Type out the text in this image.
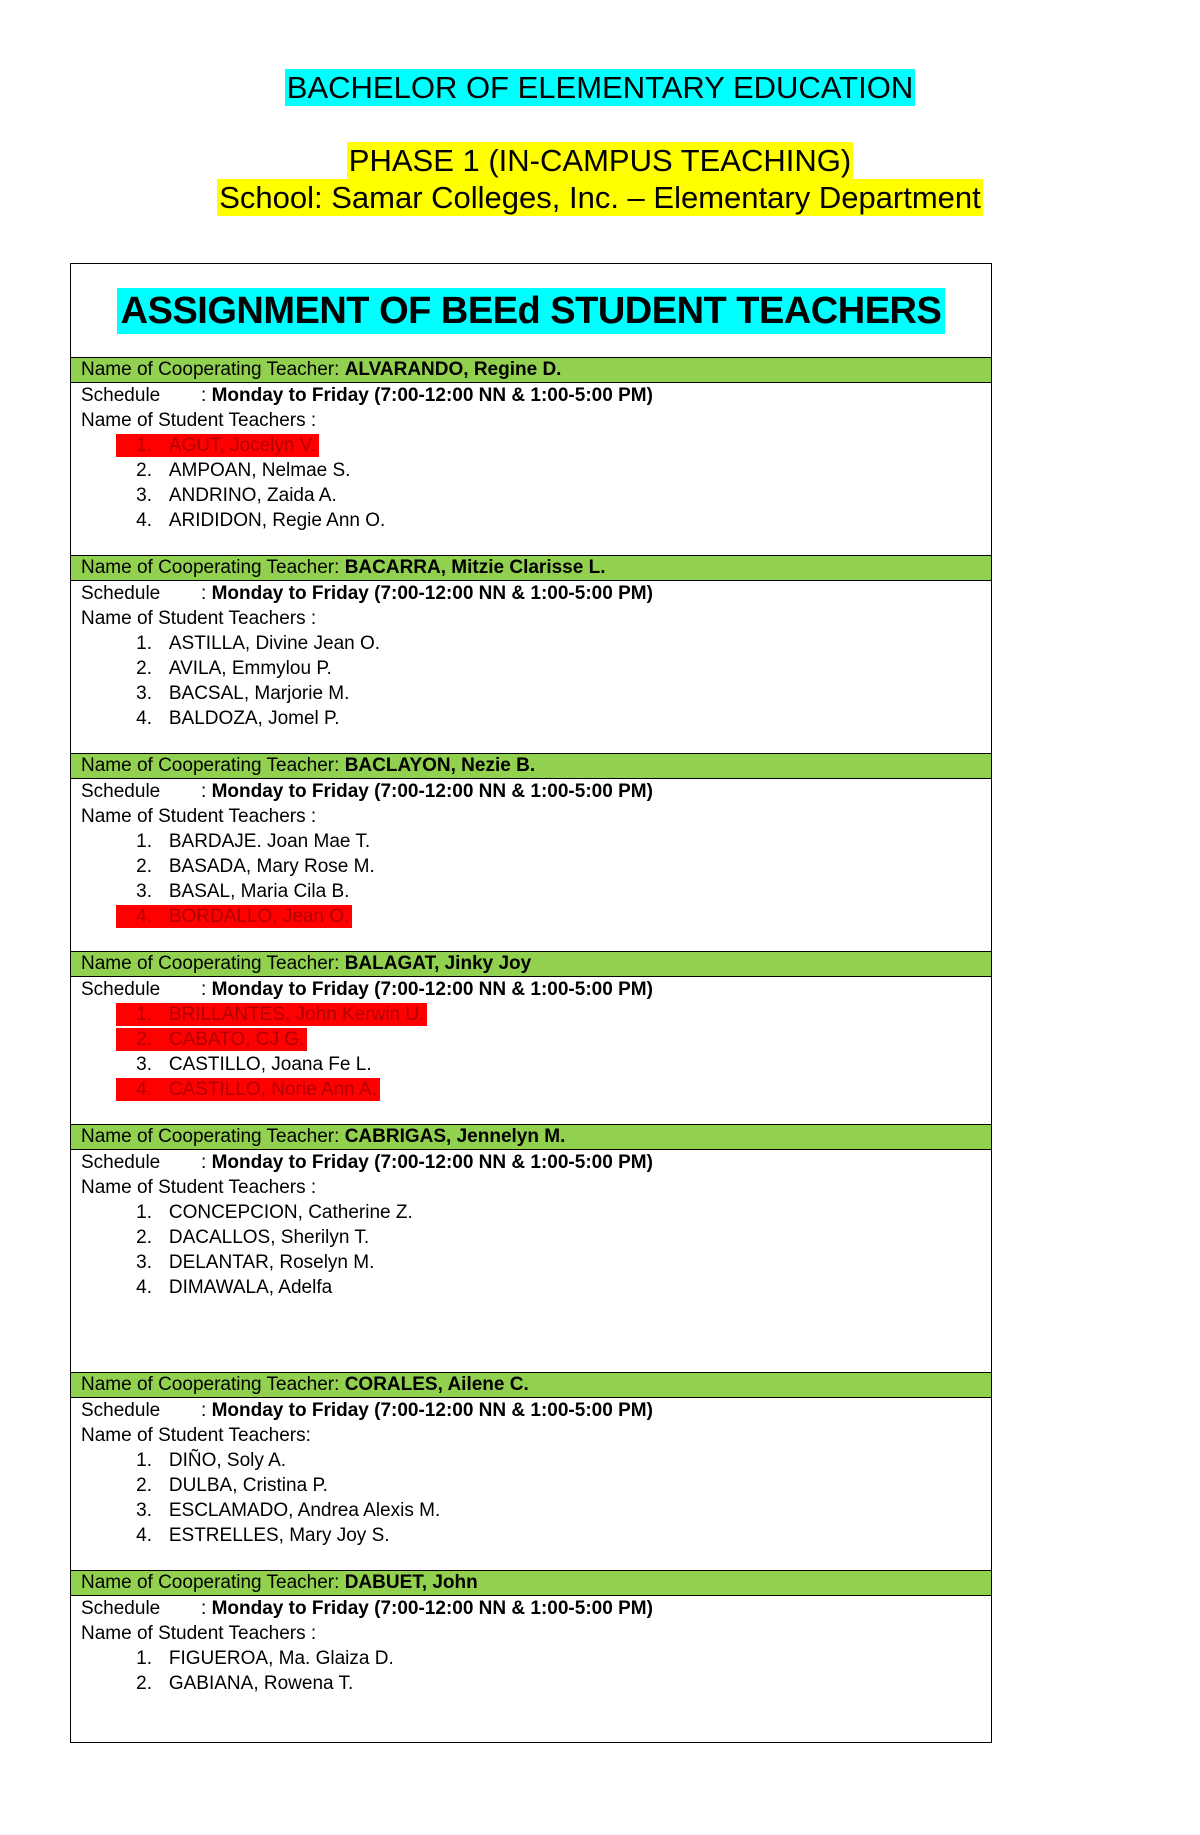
BACHELOR OF ELEMENTARY EDUCATION
PHASE 1 (IN-CAMPUS TEACHING)
School: Samar Colleges, Inc. – Elementary Department
ASSIGNMENT OF BEEd STUDENT TEACHERS
Name of Cooperating Teacher: ALVARANDO, Regine D.
Schedule : Monday to Friday (7:00-12:00 NN & 1:00-5:00 PM)
Name of Student Teachers :
1. AGUT, Jocelyn V.
2. AMPOAN, Nelmae S.
3. ANDRINO, Zaida A.
4. ARIDIDON, Regie Ann O.
Name of Cooperating Teacher: BACARRA, Mitzie Clarisse L.
Schedule : Monday to Friday (7:00-12:00 NN & 1:00-5:00 PM)
Name of Student Teachers :
1. ASTILLA, Divine Jean O.
2. AVILA, Emmylou P.
3. BACSAL, Marjorie M.
4. BALDOZA, Jomel P.
Name of Cooperating Teacher: BACLAYON, Nezie B.
Schedule : Monday to Friday (7:00-12:00 NN & 1:00-5:00 PM)
Name of Student Teachers :
1. BARDAJE. Joan Mae T.
2. BASADA, Mary Rose M.
3. BASAL, Maria Cila B.
4. BORDALLO, Jean O.
Name of Cooperating Teacher: BALAGAT, Jinky Joy
Schedule : Monday to Friday (7:00-12:00 NN & 1:00-5:00 PM)
1. BRILLANTES, John Kerwin U.
2. CABATO, CJ G.
3. CASTILLO, Joana Fe L.
4. CASTILLO, Norie Ann A.
Name of Cooperating Teacher: CABRIGAS, Jennelyn M.
Schedule : Monday to Friday (7:00-12:00 NN & 1:00-5:00 PM)
Name of Student Teachers :
1. CONCEPCION, Catherine Z.
2. DACALLOS, Sherilyn T.
3. DELANTAR, Roselyn M.
4. DIMAWALA, Adelfa
Name of Cooperating Teacher: CORALES, Ailene C.
Schedule : Monday to Friday (7:00-12:00 NN & 1:00-5:00 PM)
Name of Student Teachers:
1. DIÑO, Soly A.
2. DULBA, Cristina P.
3. ESCLAMADO, Andrea Alexis M.
4. ESTRELLES, Mary Joy S.
Name of Cooperating Teacher: DABUET, John
Schedule : Monday to Friday (7:00-12:00 NN & 1:00-5:00 PM)
Name of Student Teachers :
1. FIGUEROA, Ma. Glaiza D.
2. GABIANA, Rowena T.
